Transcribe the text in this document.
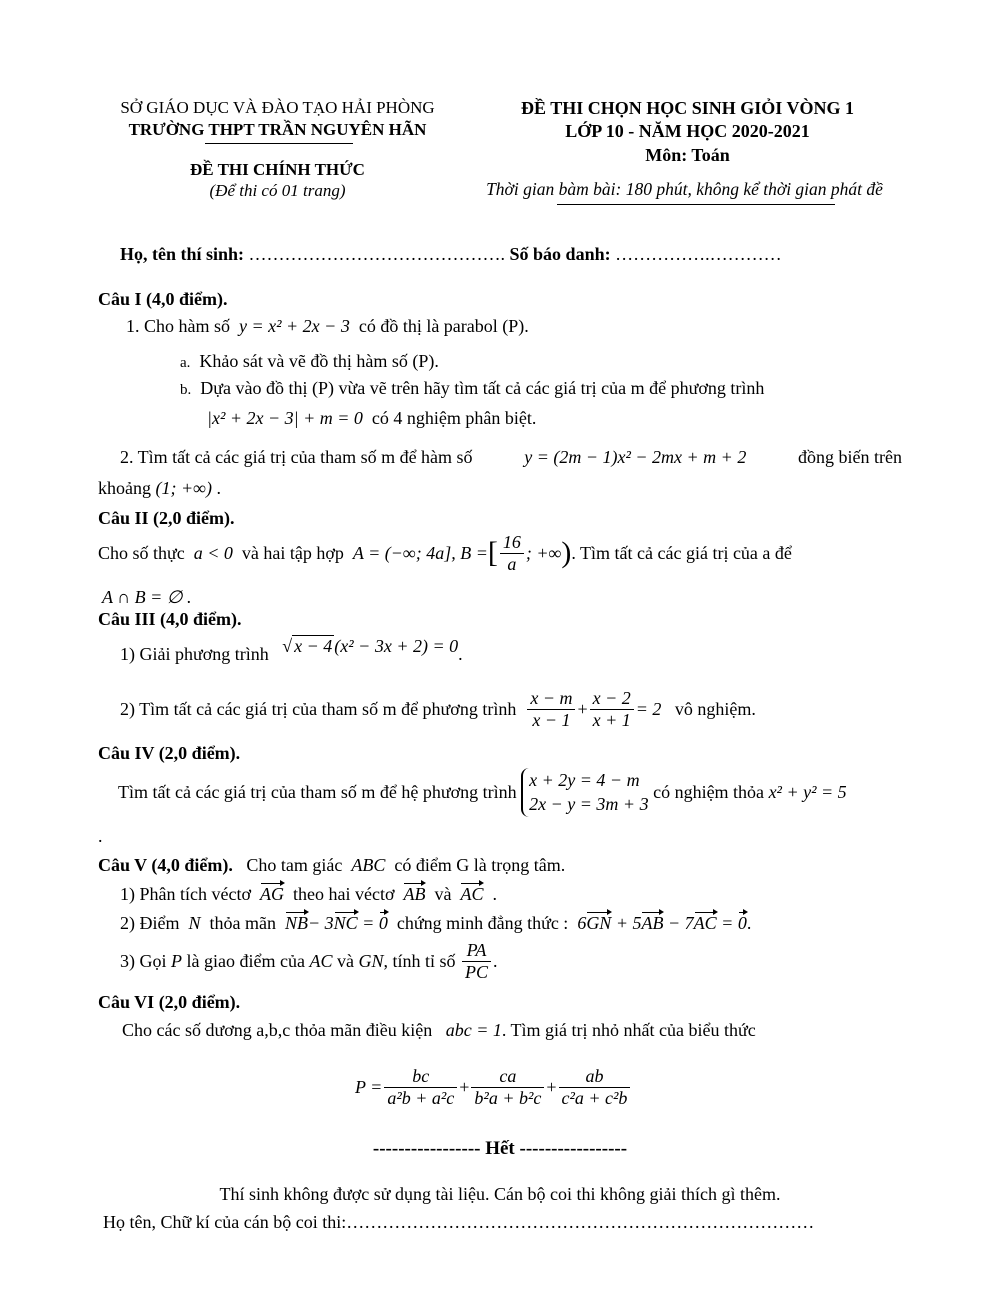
SỞ GIÁO DỤC VÀ ĐÀO TẠO HẢI PHÒNG
TRƯỜNG THPT TRẦN NGUYÊN HÃN
ĐỀ THI CHÍNH THỨC
(Để thi có 01 trang)
ĐỀ THI CHỌN HỌC SINH GIỎI VÒNG 1
LỚP 10 - NĂM HỌC 2020-2021
Môn: Toán
Thời gian bàm bài: 180 phút, không kể thời gian phát đề
Họ, tên thí sinh: ……………………………………. Số báo danh: …………….…………
Câu I (4,0 điểm).
1. Cho hàm số y = x² + 2x − 3 có đồ thị là parabol (P).
a. Khảo sát và vẽ đồ thị hàm số (P).
b. Dựa vào đồ thị (P) vừa vẽ trên hãy tìm tất cả các giá trị của m để phương trình
|x² + 2x − 3| + m = 0 có 4 nghiệm phân biệt.
2. Tìm tất cả các giá trị của tham số m để hàm số	y = (2m − 1)x² − 2mx + m + 2	đồng biến trên
khoảng (1; +∞) .
Câu II (2,0 điểm).
Cho số thực
a < 0
và hai tập hợp
A = (−∞; 4a], B = [ $\frac{16}{a}$ ; +∞ ) . Tìm tất cả các giá trị của a để
A ∩ B = ∅ .
Câu III (4,0 điểm).
1) Giải phương trình √ x − 4 (x² − 3x + 2) = 0.
2) Tìm tất cả các giá trị của tham số m để phương trình
$\frac{x - m}{x - 1} + \frac{x - 2}{x + 1} = 2$
vô nghiệm.
Câu IV (2,0 điểm).
Tìm tất cả các giá trị của tham số m để hệ phương trình

x + 2y = 4 − m
2x − y = 3m + 3

có nghiệm thỏa
x² + y² = 5
.
Câu V (4,0 điểm). Cho tam giác ABC có điểm G là trọng tâm.
1) Phân tích véctơ AG theo hai véctơ AB và AC .
2) Điểm N thỏa mãn NB− 3NC = 0 chứng minh đẳng thức : 6GN + 5AB − 7AC = 0.
3) Gọi
P
là giao điểm của
AC
và
GN , tính tỉ số
$\frac{PA}{PC}$ .
Câu VI (2,0 điểm).
Cho các số dương a,b,c thỏa mãn điều kiện abc = 1. Tìm giá trị nhỏ nhất của biểu thức
$P = \frac{bc}{\text{a²b + a²c}} + \frac{ca}{\text{b²a + b²c}} + \frac{ab}{\text{c²a + c²b}}$
----------------- Hết -----------------
Thí sinh không được sử dụng tài liệu. Cán bộ coi thi không giải thích gì thêm.
Họ tên, Chữ kí của cán bộ coi thi:……………………………………………………………………
